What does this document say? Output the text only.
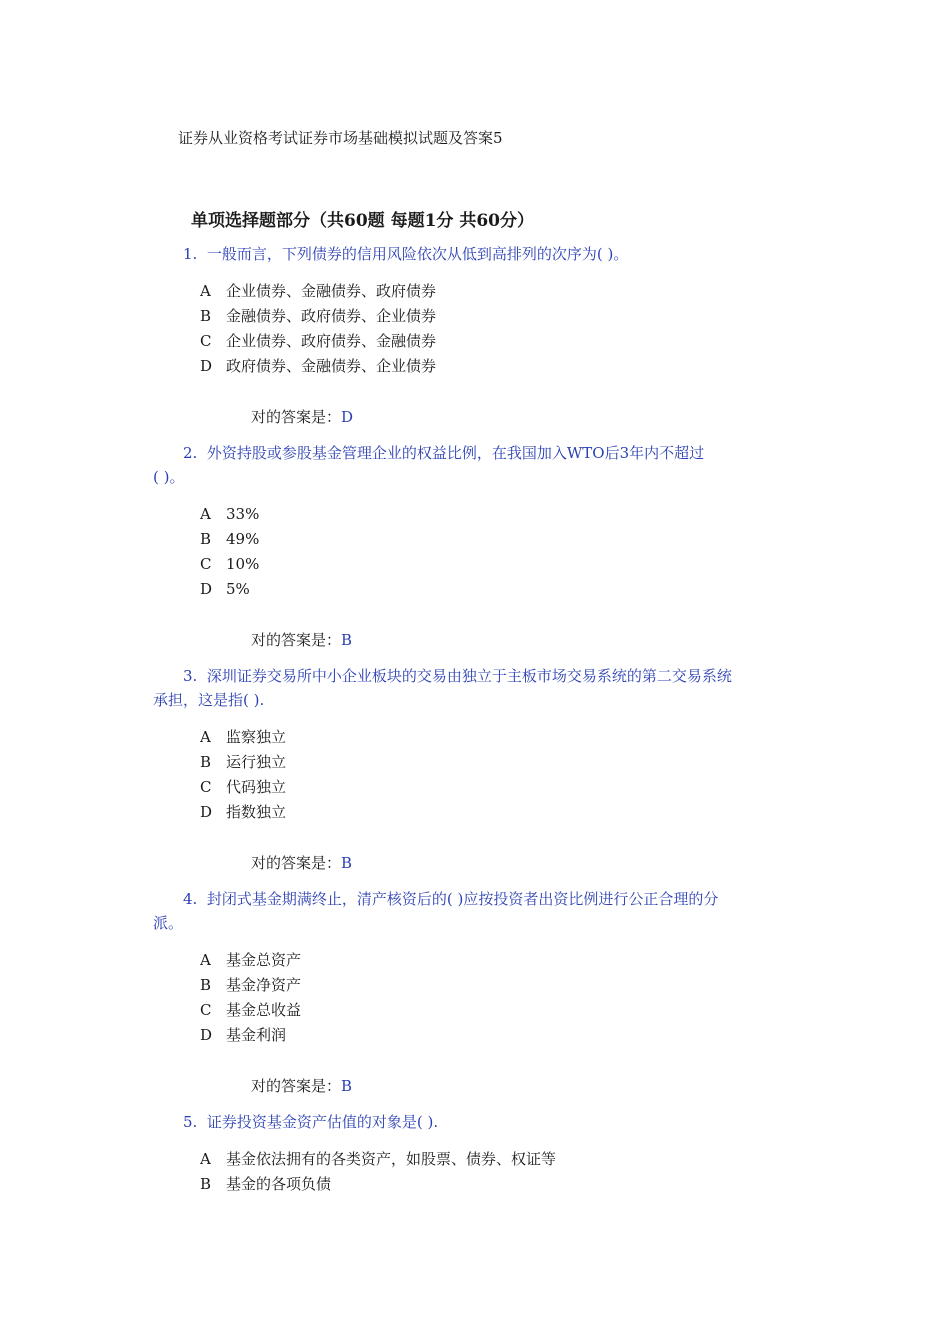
证券从业资格考试证券市场基础模拟试题及答案5
单项选择题部分（共60题 每题1分 共60分）
1. 一般而言，下列债券的信用风险依次从低到高排列的次序为( )。
A 企业债券、金融债券、政府债券
B 金融债券、政府债券、企业债券
C 企业债券、政府债券、金融债券
D 政府债券、金融债券、企业债券
对的答案是：D
2. 外资持股或参股基金管理企业的权益比例，在我国加入WTO后3年内不超过
( )。
A 33%
B 49%
C 10%
D 5%
对的答案是：B
3. 深圳证券交易所中小企业板块的交易由独立于主板市场交易系统的第二交易系统
承担，这是指( ).
A 监察独立
B 运行独立
C 代码独立
D 指数独立
对的答案是：B
4. 封闭式基金期满终止，清产核资后的( )应按投资者出资比例进行公正合理的分
派。
A 基金总资产
B 基金净资产
C 基金总收益
D 基金利润
对的答案是：B
5. 证券投资基金资产估值的对象是( ).
A 基金依法拥有的各类资产，如股票、债券、权证等
B 基金的各项负债
